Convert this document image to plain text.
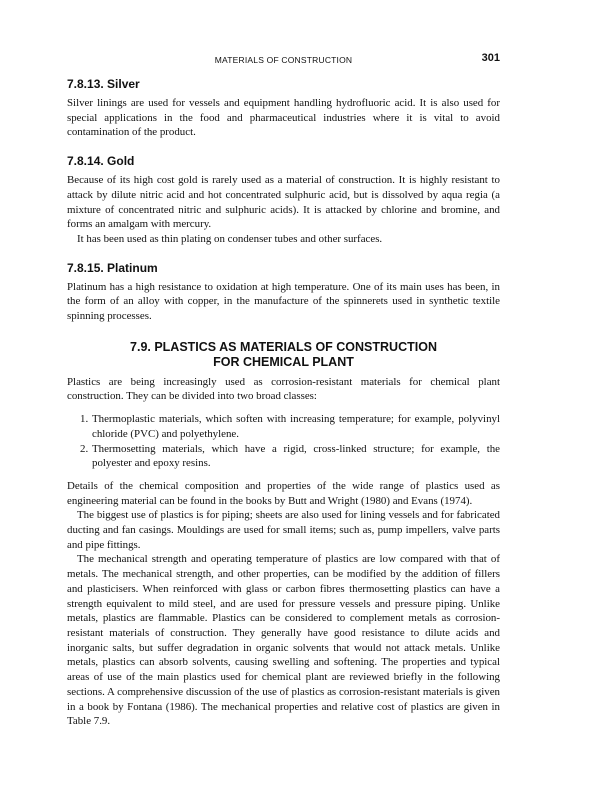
MATERIALS OF CONSTRUCTION	301
7.8.13. Silver

Silver linings are used for vessels and equipment handling hydrofluoric acid. It is also used for special applications in the food and pharmaceutical industries where it is vital to avoid contamination of the product.

7.8.14. Gold

Because of its high cost gold is rarely used as a material of construction. It is highly resistant to attack by dilute nitric acid and hot concentrated sulphuric acid, but is dissolved by aqua regia (a mixture of concentrated nitric and sulphuric acids). It is attacked by chlorine and bromine, and forms an amalgam with mercury.

It has been used as thin plating on condenser tubes and other surfaces.

7.8.15. Platinum

Platinum has a high resistance to oxidation at high temperature. One of its main uses has been, in the form of an alloy with copper, in the manufacture of the spinnerets used in synthetic textile spinning processes.

7.9. PLASTICS AS MATERIALS OF CONSTRUCTION
FOR CHEMICAL PLANT

Plastics are being increasingly used as corrosion-resistant materials for chemical plant construction. They can be divided into two broad classes:

1. Thermoplastic materials, which soften with increasing temperature; for example, polyvinyl chloride (PVC) and polyethylene.
2. Thermosetting materials, which have a rigid, cross-linked structure; for example, the polyester and epoxy resins.

Details of the chemical composition and properties of the wide range of plastics used as engineering material can be found in the books by Butt and Wright (1980) and Evans (1974).

The biggest use of plastics is for piping; sheets are also used for lining vessels and for fabricated ducting and fan casings. Mouldings are used for small items; such as, pump impellers, valve parts and pipe fittings.

The mechanical strength and operating temperature of plastics are low compared with that of metals. The mechanical strength, and other properties, can be modified by the addition of fillers and plasticisers. When reinforced with glass or carbon fibres thermosetting plastics can have a strength equivalent to mild steel, and are used for pressure vessels and pressure piping. Unlike metals, plastics are flammable. Plastics can be considered to complement metals as corrosion-resistant materials of construction. They generally have good resistance to dilute acids and inorganic salts, but suffer degradation in organic solvents that would not attack metals. Unlike metals, plastics can absorb solvents, causing swelling and softening. The properties and typical areas of use of the main plastics used for chemical plant are reviewed briefly in the following sections. A comprehensive discussion of the use of plastics as corrosion-resistant materials is given in a book by Fontana (1986). The mechanical properties and relative cost of plastics are given in Table 7.9.
